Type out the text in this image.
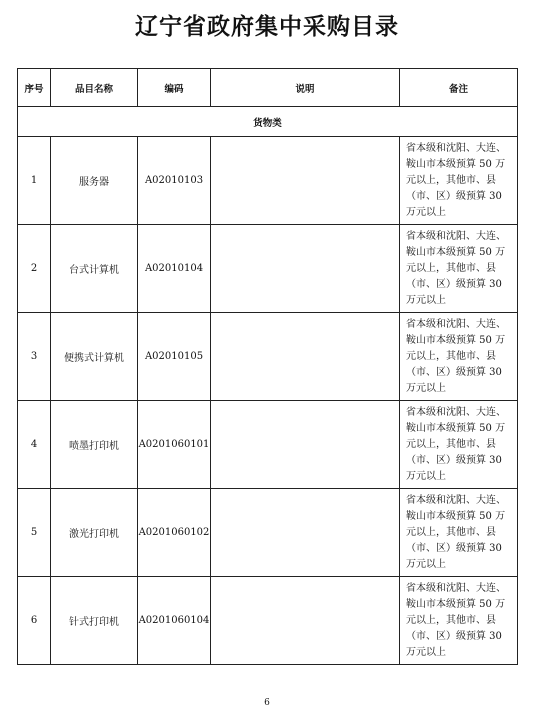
辽宁省政府集中采购目录
序号	品目名称	编码	说明	备注
货物类				
1	服务器	A02010103		省本级和沈阳、大连、鞍山市本级预算 50 万元以上，其他市、县（市、区）级预算 30 万元以上
2	台式计算机	A02010104		省本级和沈阳、大连、鞍山市本级预算 50 万元以上，其他市、县（市、区）级预算 30 万元以上
3	便携式计算机	A02010105		省本级和沈阳、大连、鞍山市本级预算 50 万元以上，其他市、县（市、区）级预算 30 万元以上
4	喷墨打印机	A0201060101		省本级和沈阳、大连、鞍山市本级预算 50 万元以上，其他市、县（市、区）级预算 30 万元以上
5	激光打印机	A0201060102		省本级和沈阳、大连、鞍山市本级预算 50 万元以上，其他市、县（市、区）级预算 30 万元以上
6	针式打印机	A0201060104		省本级和沈阳、大连、鞍山市本级预算 50 万元以上，其他市、县（市、区）级预算 30 万元以上
6
